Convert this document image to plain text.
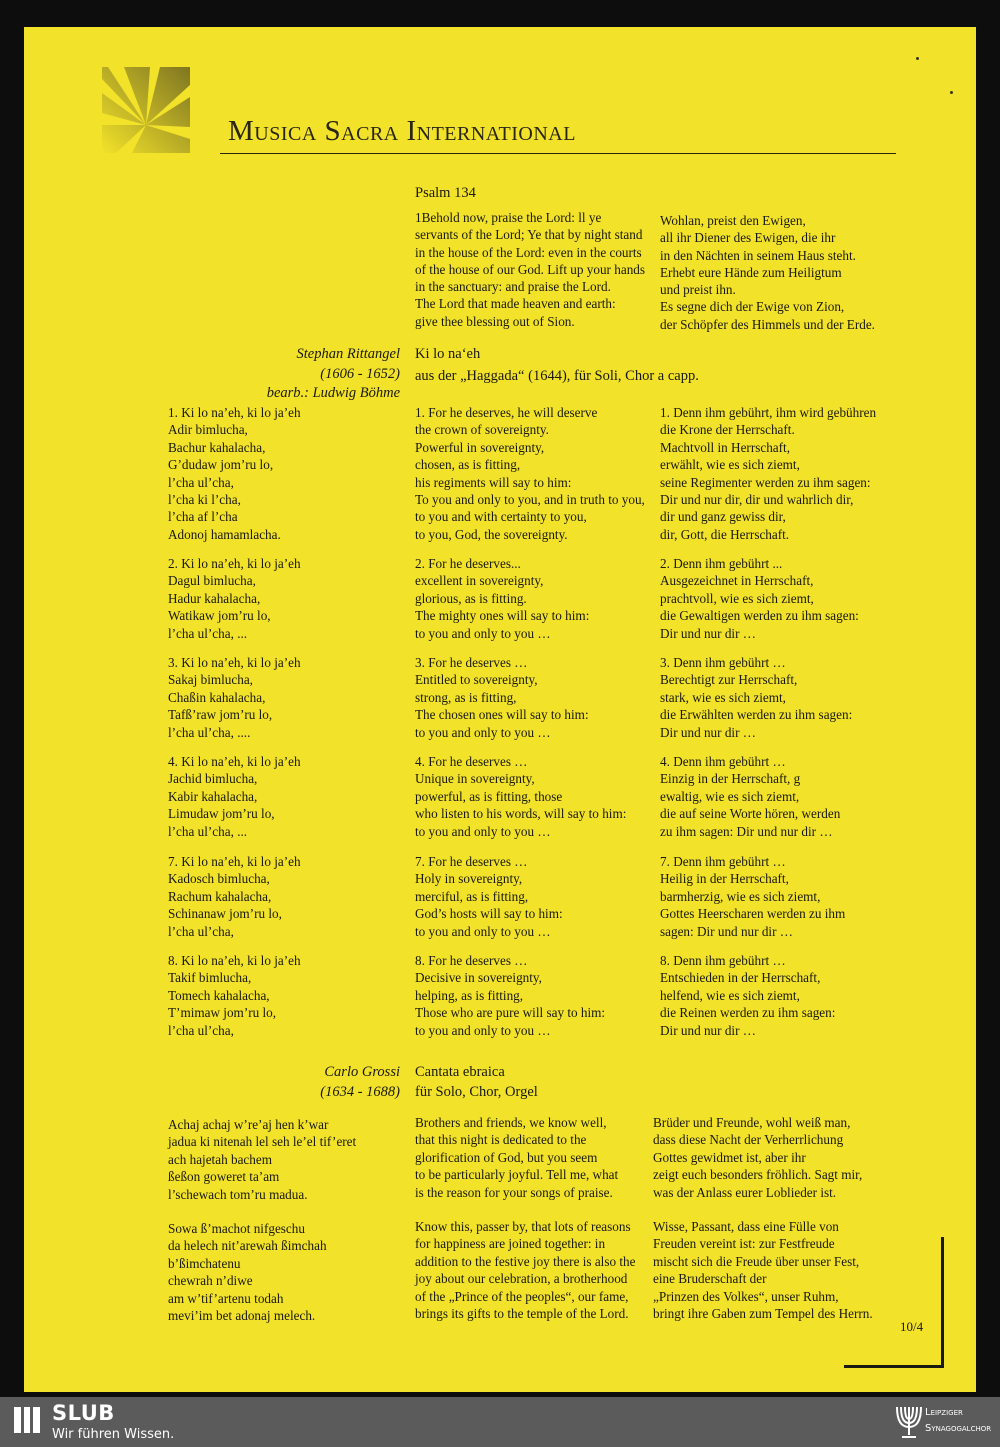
Musica Sacra International
Psalm 134
1Behold now, praise the Lord: ll ye
servants of the Lord; Ye that by night stand
in the house of the Lord: even in the courts
of the house of our God. Lift up your hands
in the sanctuary: and praise the Lord.
The Lord that made heaven and earth:
give thee blessing out of Sion.
Wohlan, preist den Ewigen,
all ihr Diener des Ewigen, die ihr
in den Nächten in seinem Haus steht.
Erhebt eure Hände zum Heiligtum
und preist ihn.
Es segne dich der Ewige von Zion,
der Schöpfer des Himmels und der Erde.
Stephan Rittangel
(1606 - 1652)
bearb.: Ludwig Böhme
Ki lo na‘eh
aus der „Haggada“ (1644), für Soli, Chor a capp.
1. Ki lo na’eh, ki lo ja’eh
Adir bimlucha,
Bachur kahalacha,
G’dudaw jom’ru lo,
l’cha ul’cha,
l’cha ki l’cha,
l’cha af l’cha
Adonoj hamamlacha.
1. For he deserves, he will deserve
the crown of sovereignty.
Powerful in sovereignty,
chosen, as is fitting,
his regiments will say to him:
To you and only to you, and in truth to you,
to you and with certainty to you,
to you, God, the sovereignty.
1. Denn ihm gebührt, ihm wird gebühren
die Krone der Herrschaft.
Machtvoll in Herrschaft,
erwählt, wie es sich ziemt,
seine Regimenter werden zu ihm sagen:
Dir und nur dir, dir und wahrlich dir,
dir und ganz gewiss dir,
dir, Gott, die Herrschaft.
2. Ki lo na’eh, ki lo ja’eh
Dagul bimlucha,
Hadur kahalacha,
Watikaw jom’ru lo,
l’cha ul’cha, ...
2. For he deserves...
excellent in sovereignty,
glorious, as is fitting.
The mighty ones will say to him:
to you and only to you …
2. Denn ihm gebührt ...
Ausgezeichnet in Herrschaft,
prachtvoll, wie es sich ziemt,
die Gewaltigen werden zu ihm sagen:
Dir und nur dir …
3. Ki lo na’eh, ki lo ja’eh
Sakaj bimlucha,
Chaßin kahalacha,
Tafß’raw jom’ru lo,
l’cha ul’cha, ....
3. For he deserves …
Entitled to sovereignty,
strong, as is fitting,
The chosen ones will say to him:
to you and only to you …
3. Denn ihm gebührt …
Berechtigt zur Herrschaft,
stark, wie es sich ziemt,
die Erwählten werden zu ihm sagen:
Dir und nur dir …
4. Ki lo na’eh, ki lo ja’eh
Jachid bimlucha,
Kabir kahalacha,
Limudaw jom’ru lo,
l’cha ul’cha, ...
4. For he deserves …
Unique in sovereignty,
powerful, as is fitting, those
who listen to his words, will say to him:
to you and only to you …
4. Denn ihm gebührt …
Einzig in der Herrschaft, g
ewaltig, wie es sich ziemt,
die auf seine Worte hören, werden
zu ihm sagen: Dir und nur dir …
7. Ki lo na’eh, ki lo ja’eh
Kadosch bimlucha,
Rachum kahalacha,
Schinanaw jom’ru lo,
l’cha ul’cha,
7. For he deserves …
Holy in sovereignty,
merciful, as is fitting,
God’s hosts will say to him:
to you and only to you …
7. Denn ihm gebührt …
Heilig in der Herrschaft,
barmherzig, wie es sich ziemt,
Gottes Heerscharen werden zu ihm
sagen: Dir und nur dir …
8. Ki lo na’eh, ki lo ja’eh
Takif bimlucha,
Tomech kahalacha,
T’mimaw jom’ru lo,
l’cha ul’cha,
8. For he deserves …
Decisive in sovereignty,
helping, as is fitting,
Those who are pure will say to him:
to you and only to you …
8. Denn ihm gebührt …
Entschieden in der Herrschaft,
helfend, wie es sich ziemt,
die Reinen werden zu ihm sagen:
Dir und nur dir …
Carlo Grossi
(1634 - 1688)
Cantata ebraica
für Solo, Chor, Orgel
Achaj achaj w’re’aj hen k’war
jadua ki nitenah lel seh le’el tif’eret
ach hajetah bachem
ßeßon goweret ta’am
l’schewach tom’ru madua.
Brothers and friends, we know well,
that this night is dedicated to the
glorification of God, but you seem
to be particularly joyful. Tell me, what
is the reason for your songs of praise.
Brüder und Freunde, wohl weiß man,
dass diese Nacht der Verherrlichung
Gottes gewidmet ist, aber ihr
zeigt euch besonders fröhlich. Sagt mir,
was der Anlass eurer Loblieder ist.
Sowa ß’machot nifgeschu
da helech nit’arewah ßimchah
b’ßimchatenu
chewrah n’diwe
am w’tif’artenu todah
mevi’im bet adonaj melech.
Know this, passer by, that lots of reasons
for happiness are joined together: in
addition to the festive joy there is also the
joy about our celebration, a brotherhood
of the „Prince of the peoples“, our fame,
brings its gifts to the temple of the Lord.
Wisse, Passant, dass eine Fülle von
Freuden vereint ist: zur Festfreude
mischt sich die Freude über unser Fest,
eine Bruderschaft der
„Prinzen des Volkes“, unser Ruhm,
bringt ihre Gaben zum Tempel des Herrn.
10/4
SLUB
Wir führen Wissen.
Leipziger
Synagogalchor
